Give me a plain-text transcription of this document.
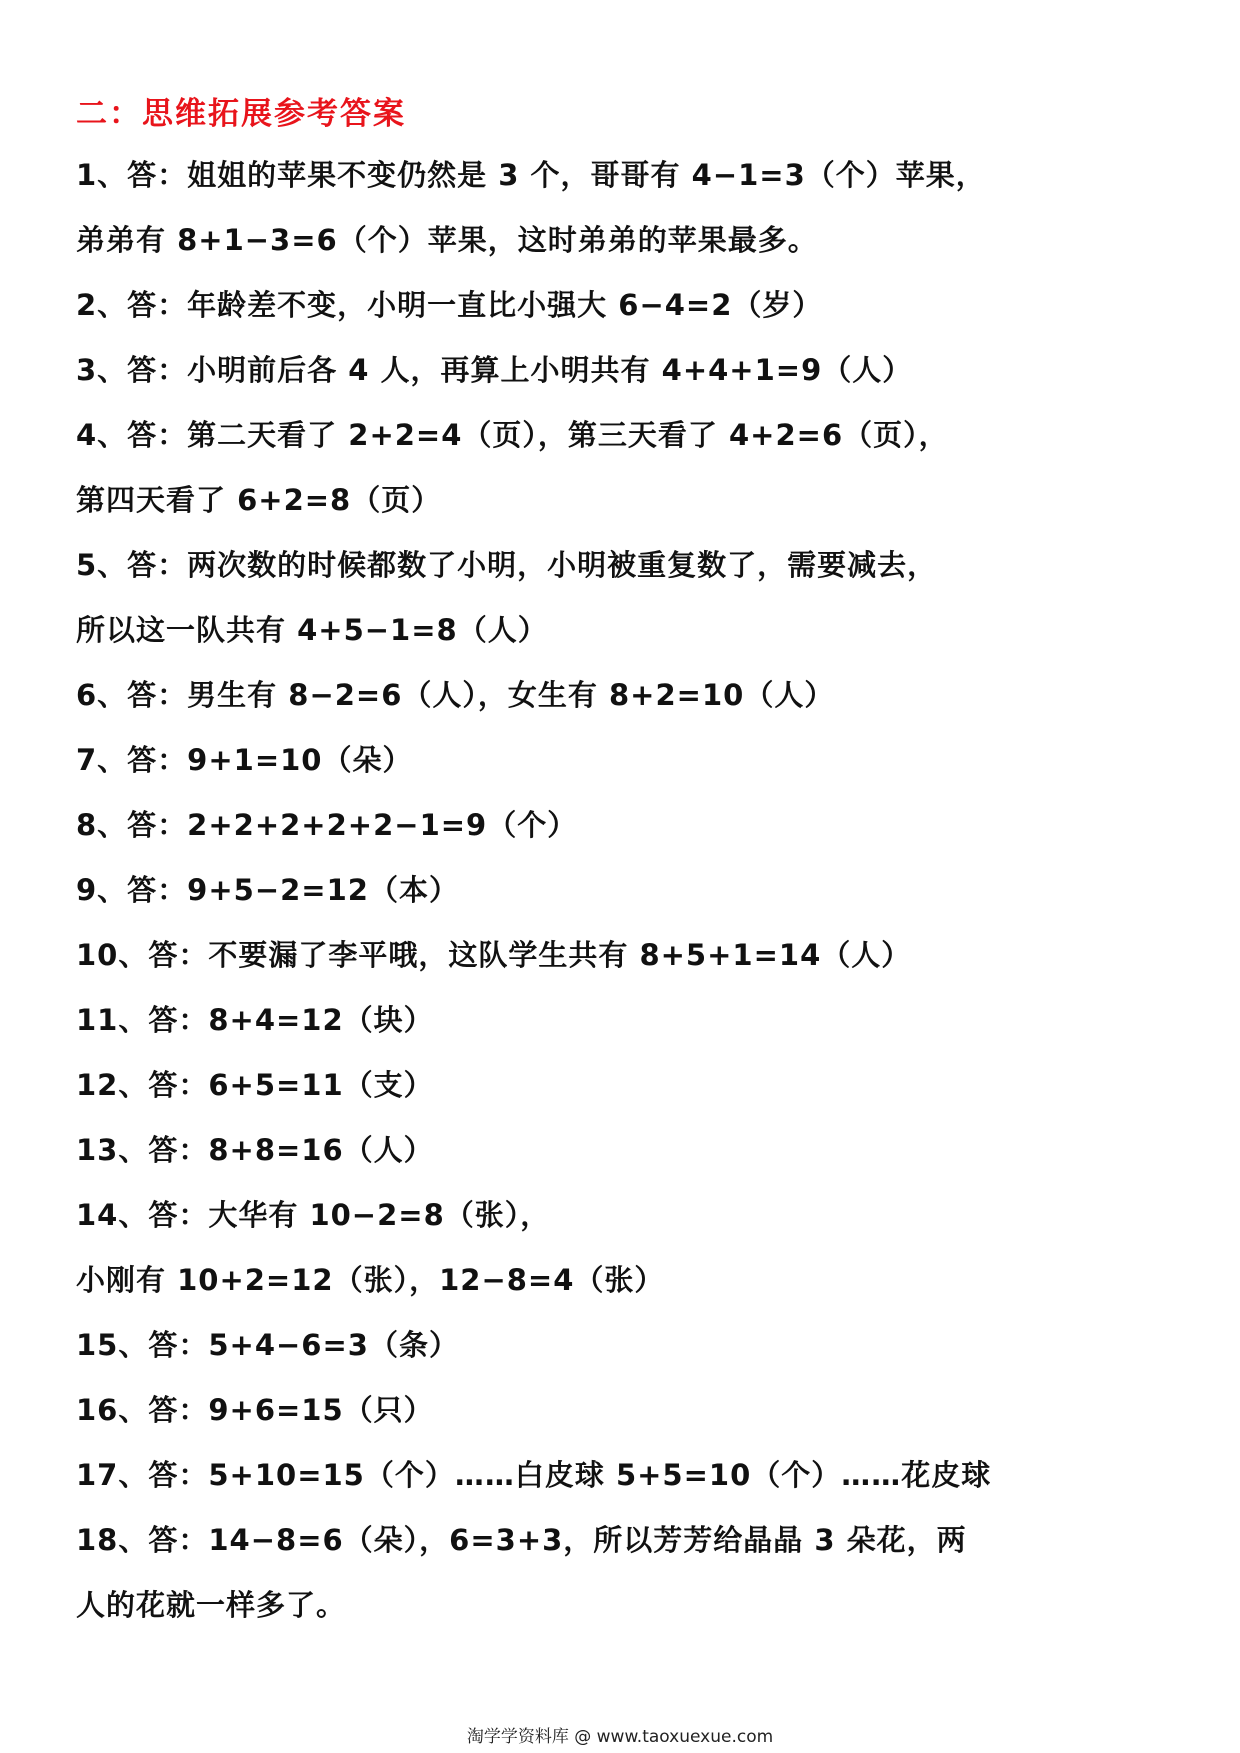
二：思维拓展参考答案
1、答：姐姐的苹果不变仍然是 3 个，哥哥有 4−1=3（个）苹果，
弟弟有 8+1−3=6（个）苹果，这时弟弟的苹果最多。
2、答：年龄差不变，小明一直比小强大 6−4=2（岁）
3、答：小明前后各 4 人，再算上小明共有 4+4+1=9（人）
4、答：第二天看了 2+2=4（页），第三天看了 4+2=6（页），
第四天看了 6+2=8（页）
5、答：两次数的时候都数了小明，小明被重复数了，需要减去，
所以这一队共有 4+5−1=8（人）
6、答：男生有 8−2=6（人），女生有 8+2=10（人）
7、答：9+1=10（朵）
8、答：2+2+2+2+2−1=9（个）
9、答：9+5−2=12（本）
10、答：不要漏了李平哦，这队学生共有 8+5+1=14（人）
11、答：8+4=12（块）
12、答：6+5=11（支）
13、答：8+8=16（人）
14、答：大华有 10−2=8（张），
小刚有 10+2=12（张），12−8=4（张）
15、答：5+4−6=3（条）
16、答：9+6=15（只）
17、答：5+10=15（个）……白皮球 5+5=10（个）……花皮球
18、答：14−8=6（朵），6=3+3，所以芳芳给晶晶 3 朵花，两
人的花就一样多了。
淘学学资料库 @ www.taoxuexue.com
